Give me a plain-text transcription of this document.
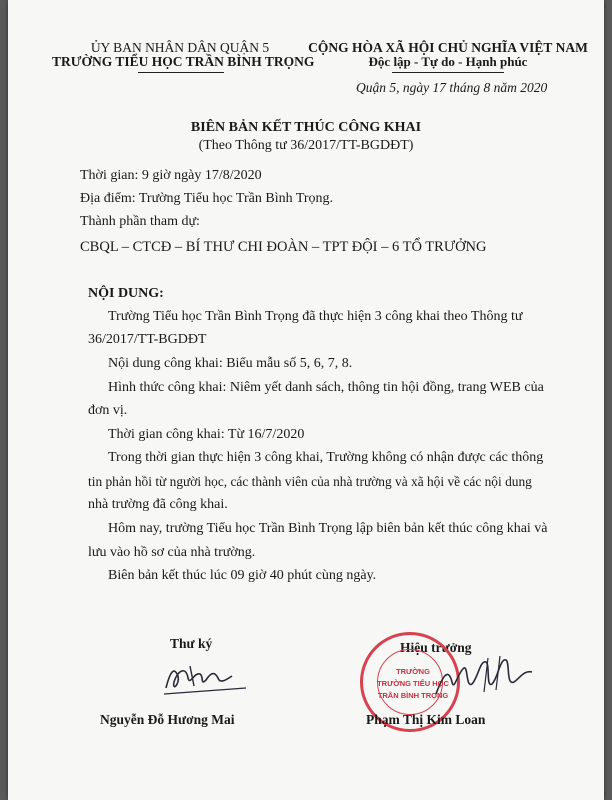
ỦY BAN NHÂN DÂN QUẬN 5
TRƯỜNG TIỂU HỌC TRẦN BÌNH TRỌNG
CỘNG HÒA XÃ HỘI CHỦ NGHĨA VIỆT NAM
Độc lập - Tự do - Hạnh phúc
Quận 5, ngày 17 tháng 8 năm 2020
BIÊN BẢN KẾT THÚC CÔNG KHAI
(Theo Thông tư 36/2017/TT-BGDĐT)
Thời gian: 9 giờ ngày 17/8/2020
Địa điểm: Trường Tiểu học Trần Bình Trọng.
Thành phần tham dự:
CBQL – CTCĐ – BÍ THƯ CHI ĐOÀN – TPT ĐỘI – 6 TỔ TRƯỞNG
NỘI DUNG:
Trường Tiểu học Trần Bình Trọng đã thực hiện 3 công khai theo Thông tư
36/2017/TT-BGDĐT
Nội dung công khai: Biểu mẫu số 5, 6, 7, 8.
Hình thức công khai: Niêm yết danh sách, thông tin hội đồng, trang WEB của
đơn vị.
Thời gian công khai: Từ 16/7/2020
Trong thời gian thực hiện 3 công khai, Trường không có nhận được các thông
tin phản hồi từ người học, các thành viên của nhà trường và xã hội về các nội dung
nhà trường đã công khai.
Hôm nay, trường Tiểu học Trần Bình Trọng lập biên bản kết thúc công khai và
lưu vào hồ sơ của nhà trường.
Biên bản kết thúc lúc 09 giờ 40 phút cùng ngày.
Thư ký
Nguyễn Đỗ Hương Mai
Hiệu trưởng
TRƯỜNG
TRƯỜNG TIỂU HỌC
TRẦN BÌNH TRỌNG
Phạm Thị Kim Loan
